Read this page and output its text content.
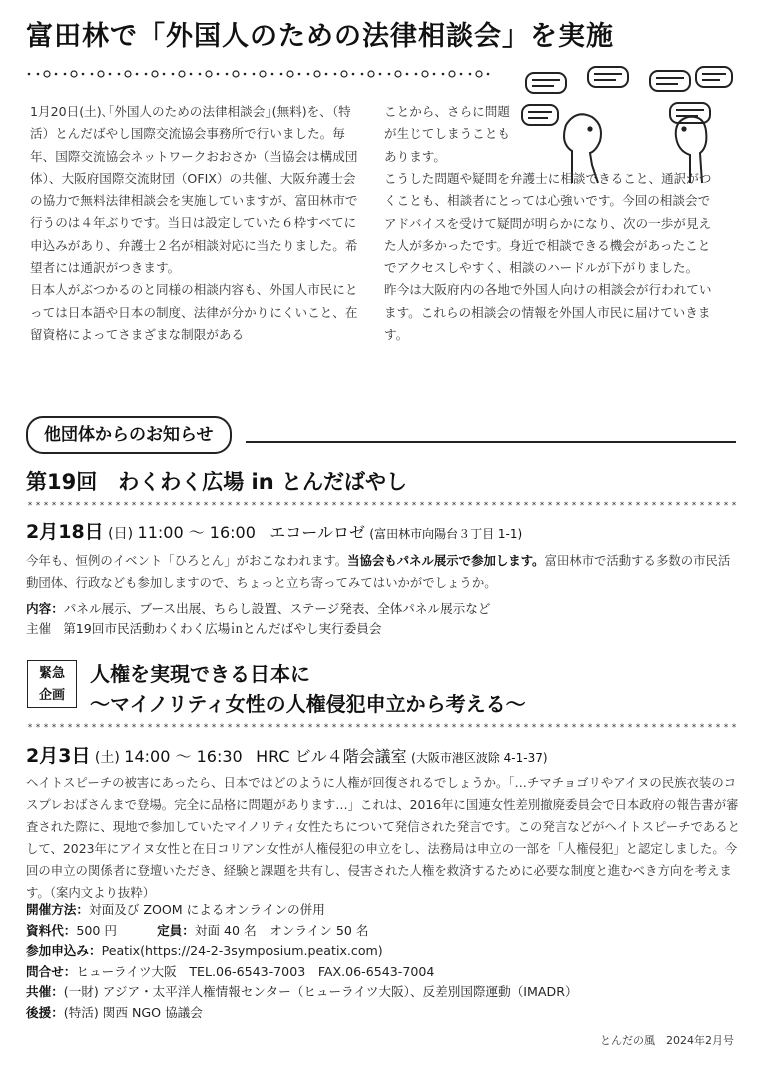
富田林で「外国人のための法律相談会」を実施

1月20日(土)､｢外国人のための法律相談会｣(無料)を、（特活）とんだばやし国際交流協会事務所で行いました。毎年、国際交流協会ネットワークおおさか（当協会は構成団体）、大阪府国際交流財団（OFIX）の共催、大阪弁護士会の協力で無料法律相談会を実施していますが、富田林市で行うのは４年ぶりです。当日は設定していた６枠すべてに申込みがあり、弁護士２名が相談対応に当たりました。希望者には通訳がつきます。

日本人がぶつかるのと同様の相談内容も、外国人市民にとっては日本語や日本の制度、法律が分かりにくいこと、在留資格によってさまざまな制限がある

ことから、さらに問題が生じてしまうこともあります。

こうした問題や疑問を弁護士に相談できること、通訳がつくことも、相談者にとっては心強いです。今回の相談会でアドバイスを受けて疑問が明らかになり、次の一歩が見えた人が多かったです。身近で相談できる機会があったことでアクセスしやすく、相談のハードルが下がりました。

昨今は大阪府内の各地で外国人向けの相談会が行われています。これらの相談会の情報を外国人市民に届けていきます。

他団体からのお知らせ
第19回　わくわく広場 in とんだばやし
* * * * * * * * * * * * * * * * * * * * * * * * * * * * * * * * * * * * * * * * * * * * * * * * * * * * * * * * * * * * * * * * * * * * * * * * * * * * * * * * * * * * * * * * *
2月18日 (日) 11:00 ～ 16:00 エコールロゼ (富田林市向陽台３丁目 1-1)
今年も、恒例のイベント「ひろとん」がおこなわれます。当協会もパネル展示で参加します。富田林市で活動する多数の市民活動団体、行政なども参加しますので、ちょっと立ち寄ってみてはいかがでしょうか。
内容：パネル展示、ブース出展、ちらし設置、ステージ発表、全体パネル展示など
主催 第19回市民活動わくわく広場㏌とんだばやし実行委員会
緊急
企画
人権を実現できる日本に
～マイノリティ女性の人権侵犯申立から考える～
* * * * * * * * * * * * * * * * * * * * * * * * * * * * * * * * * * * * * * * * * * * * * * * * * * * * * * * * * * * * * * * * * * * * * * * * * * * * * * * * * * * * * * * * *
2月3日 (土) 14:00 ～ 16:30 HRC ビル４階会議室 (大阪市港区波除 4-1-37)
ヘイトスピーチの被害にあったら、日本ではどのように人権が回復されるでしょうか。「…チマチョゴリやアイヌの民族衣装のコスプレおばさんまで登場。完全に品格に問題があります…」これは、2016年に国連女性差別撤廃委員会で日本政府の報告書が審査された際に、現地で参加していたマイノリティ女性たちについて発信された発言です。この発言などがヘイトスピーチであるとして、2023年にアイヌ女性と在日コリアン女性が人権侵犯の申立をし、法務局は申立の一部を「人権侵犯」と認定しました。今回の申立の関係者に登壇いただき、経験と課題を共有し、侵害された人権を救済するために必要な制度と進むべき方向を考えます。（案内文より抜粋）
開催方法：対面及び ZOOM によるオンラインの併用
資料代：500 円	定員：対面 40 名　オンライン 50 名
参加申込み：Peatix(https://24-2-3symposium.peatix.com)
問合せ：ヒューライツ大阪　TEL.06-6543-7003　FAX.06-6543-7004
共催：(一財) アジア・太平洋人権情報センター（ヒューライツ大阪）、反差別国際運動（IMADR）
後援：(特活) 関西 NGO 協議会
とんだの風　2024年2月号
